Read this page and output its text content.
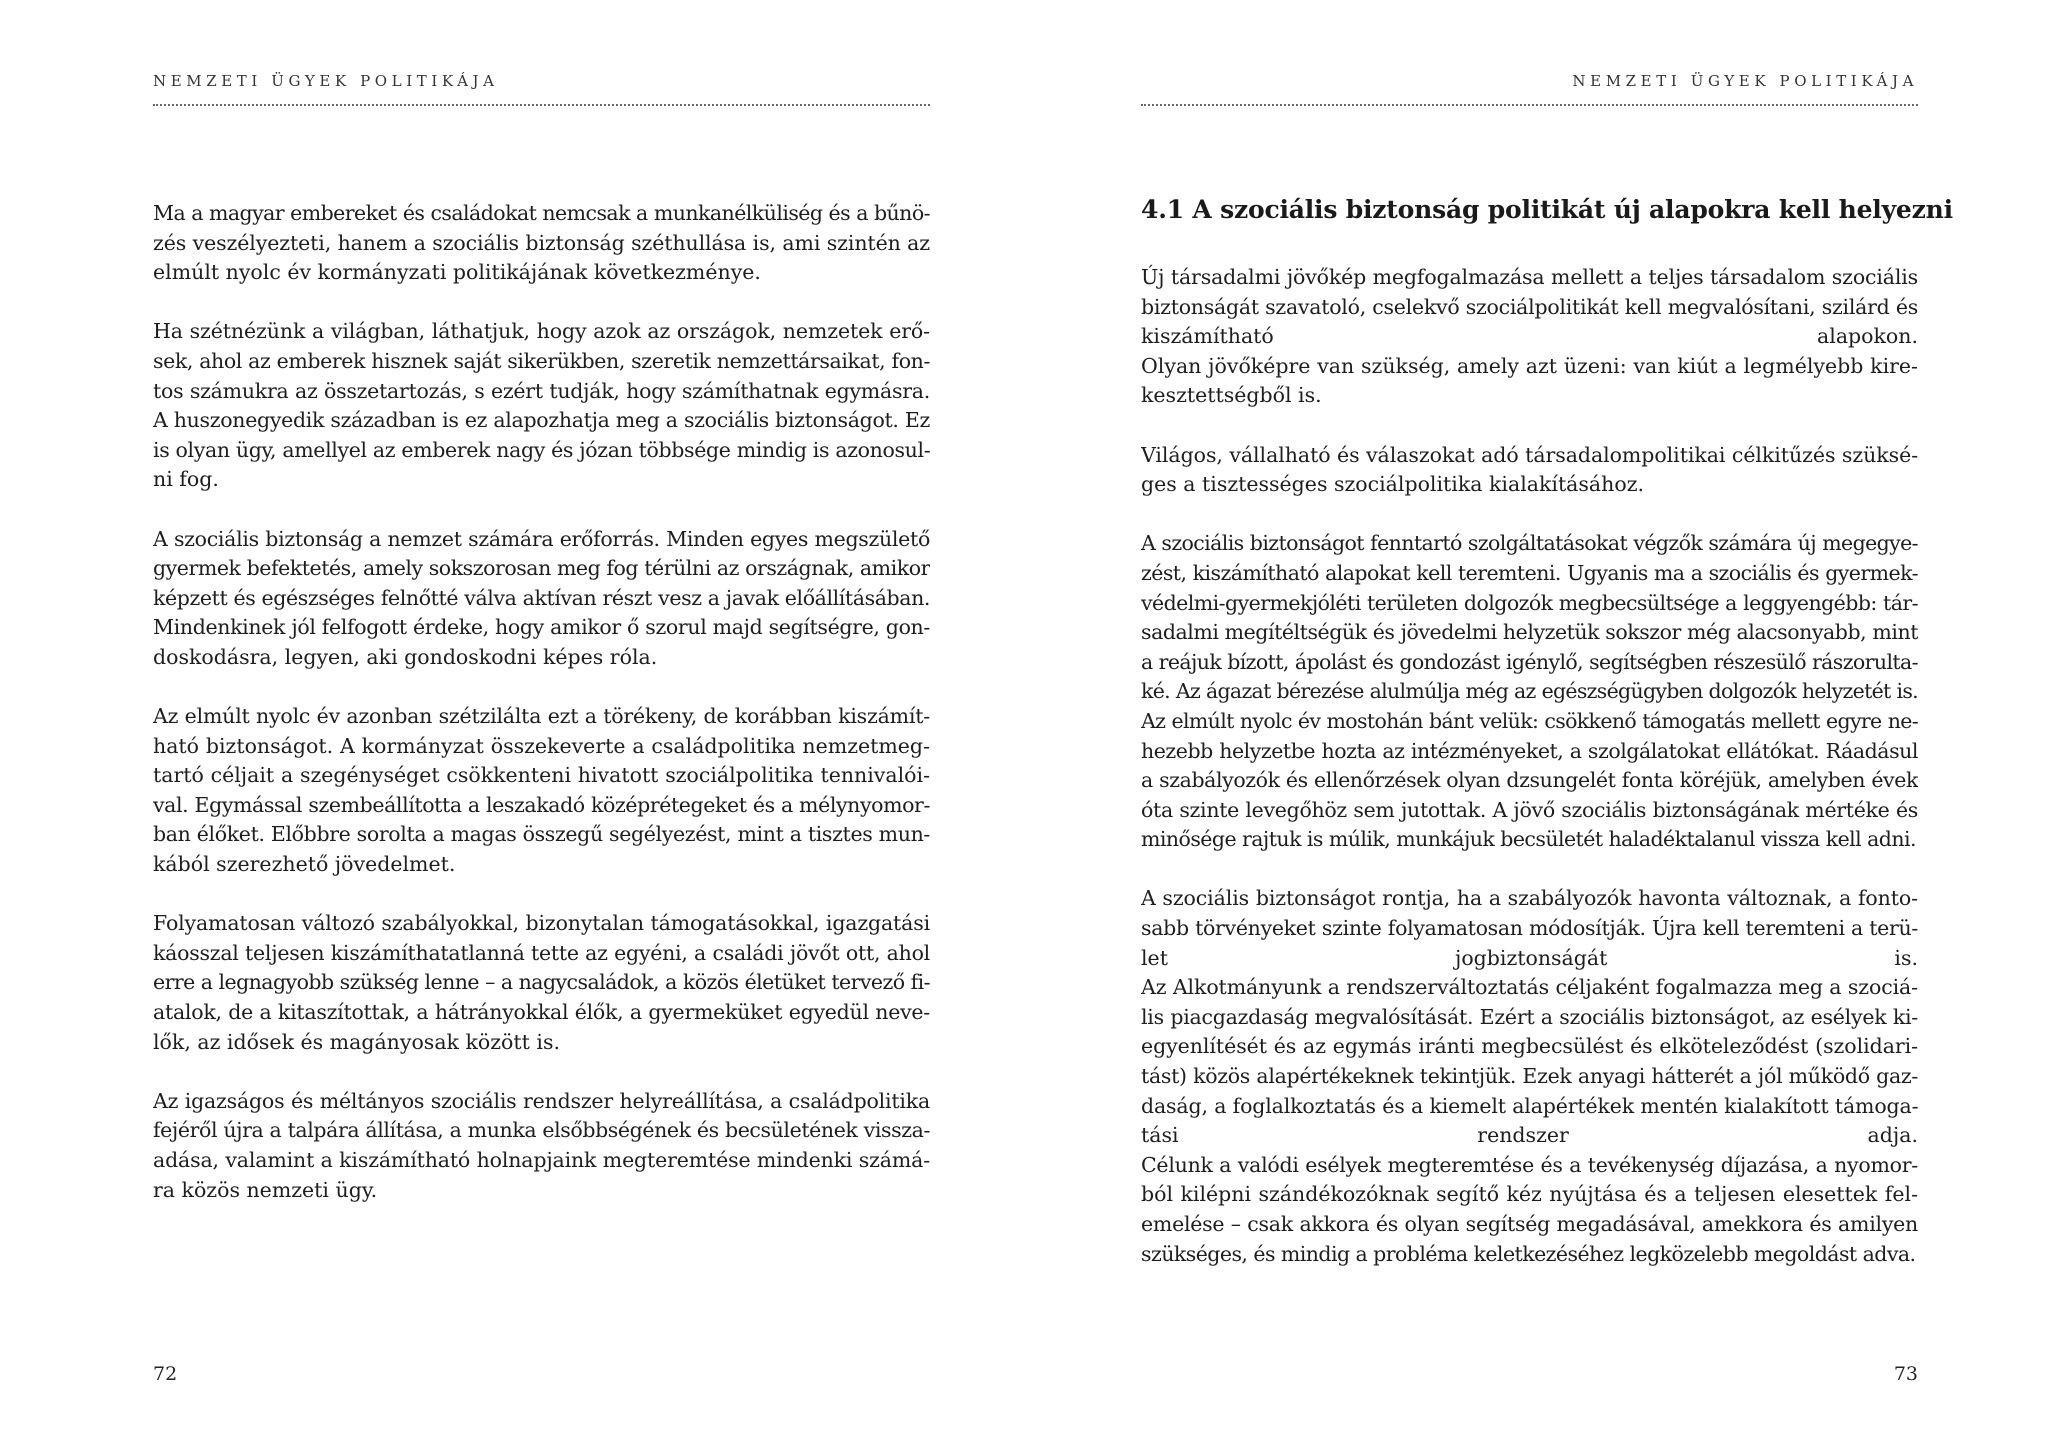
NEMZETI ÜGYEK POLITIKÁJA

Ma a magyar embereket és családokat nemcsak a munkanélküliség és a bűnö-
zés veszélyezteti, hanem a szociális biztonság széthullása is, ami szintén az
elmúlt nyolc év kormányzati politikájának következménye.

Ha szétnézünk a világban, láthatjuk, hogy azok az országok, nemzetek erő-
sek, ahol az emberek hisznek saját sikerükben, szeretik nemzettársaikat, fon-
tos számukra az összetartozás, s ezért tudják, hogy számíthatnak egymásra.
A huszonegyedik században is ez alapozhatja meg a szociális biztonságot. Ez
is olyan ügy, amellyel az emberek nagy és józan többsége mindig is azonosul-
ni fog.

A szociális biztonság a nemzet számára erőforrás. Minden egyes megszülető
gyermek befektetés, amely sokszorosan meg fog térülni az országnak, amikor
képzett és egészséges felnőtté válva aktívan részt vesz a javak előállításában.
Mindenkinek jól felfogott érdeke, hogy amikor ő szorul majd segítségre, gon-
doskodásra, legyen, aki gondoskodni képes róla.

Az elmúlt nyolc év azonban szétzilálta ezt a törékeny, de korábban kiszámít-
ható biztonságot. A kormányzat összekeverte a családpolitika nemzetmeg-
tartó céljait a szegénységet csökkenteni hivatott szociálpolitika tennivalói-
val. Egymással szembeállította a leszakadó középrétegeket és a mélynyomor-
ban élőket. Előbbre sorolta a magas összegű segélyezést, mint a tisztes mun-
kából szerezhető jövedelmet.

Folyamatosan változó szabályokkal, bizonytalan támogatásokkal, igazgatási
káosszal teljesen kiszámíthatatlanná tette az egyéni, a családi jövőt ott, ahol
erre a legnagyobb szükség lenne – a nagycsaládok, a közös életüket tervező fi-
atalok, de a kitaszítottak, a hátrányokkal élők, a gyermeküket egyedül neve-
lők, az idősek és magányosak között is.

Az igazságos és méltányos szociális rendszer helyreállítása, a családpolitika
fejéről újra a talpára állítása, a munka elsőbbségének és becsületének vissza-
adása, valamint a kiszámítható holnapjaink megteremtése mindenki számá-
ra közös nemzeti ügy.

72
NEMZETI ÜGYEK POLITIKÁJA
4.1 A szociális biztonság politikát új alapokra kell helyezni

Új társadalmi jövőkép megfogalmazása mellett a teljes társadalom szociális
biztonságát szavatoló, cselekvő szociálpolitikát kell megvalósítani, szilárd és
kiszámítható alapokon.
Olyan jövőképre van szükség, amely azt üzeni: van kiút a legmélyebb kire-
kesztettségből is.

Világos, vállalható és válaszokat adó társadalompolitikai célkitűzés szüksé-
ges a tisztességes szociálpolitika kialakításához.

A szociális biztonságot fenntartó szolgáltatásokat végzők számára új megegye-
zést, kiszámítható alapokat kell teremteni. Ugyanis ma a szociális és gyermek-
védelmi-gyermekjóléti területen dolgozók megbecsültsége a leggyengébb: tár-
sadalmi megítéltségük és jövedelmi helyzetük sokszor még alacsonyabb, mint
a reájuk bízott, ápolást és gondozást igénylő, segítségben részesülő rászorulta-
ké. Az ágazat bérezése alulmúlja még az egészségügyben dolgozók helyzetét is.
Az elmúlt nyolc év mostohán bánt velük: csökkenő támogatás mellett egyre ne-
hezebb helyzetbe hozta az intézményeket, a szolgálatokat ellátókat. Ráadásul
a szabályozók és ellenőrzések olyan dzsungelét fonta köréjük, amelyben évek
óta szinte levegőhöz sem jutottak. A jövő szociális biztonságának mértéke és
minősége rajtuk is múlik, munkájuk becsületét haladéktalanul vissza kell adni.

A szociális biztonságot rontja, ha a szabályozók havonta változnak, a fonto-
sabb törvényeket szinte folyamatosan módosítják. Újra kell teremteni a terü-
let jogbiztonságát is.
Az Alkotmányunk a rendszerváltoztatás céljaként fogalmazza meg a szociá-
lis piacgazdaság megvalósítását. Ezért a szociális biztonságot, az esélyek ki-
egyenlítését és az egymás iránti megbecsülést és elköteleződést (szolidari-
tást) közös alapértékeknek tekintjük. Ezek anyagi hátterét a jól működő gaz-
daság, a foglalkoztatás és a kiemelt alapértékek mentén kialakított támoga-
tási rendszer adja.
Célunk a valódi esélyek megteremtése és a tevékenység díjazása, a nyomor-
ból kilépni szándékozóknak segítő kéz nyújtása és a teljesen elesettek fel-
emelése – csak akkora és olyan segítség megadásával, amekkora és amilyen
szükséges, és mindig a probléma keletkezéséhez legközelebb megoldást adva.

73
